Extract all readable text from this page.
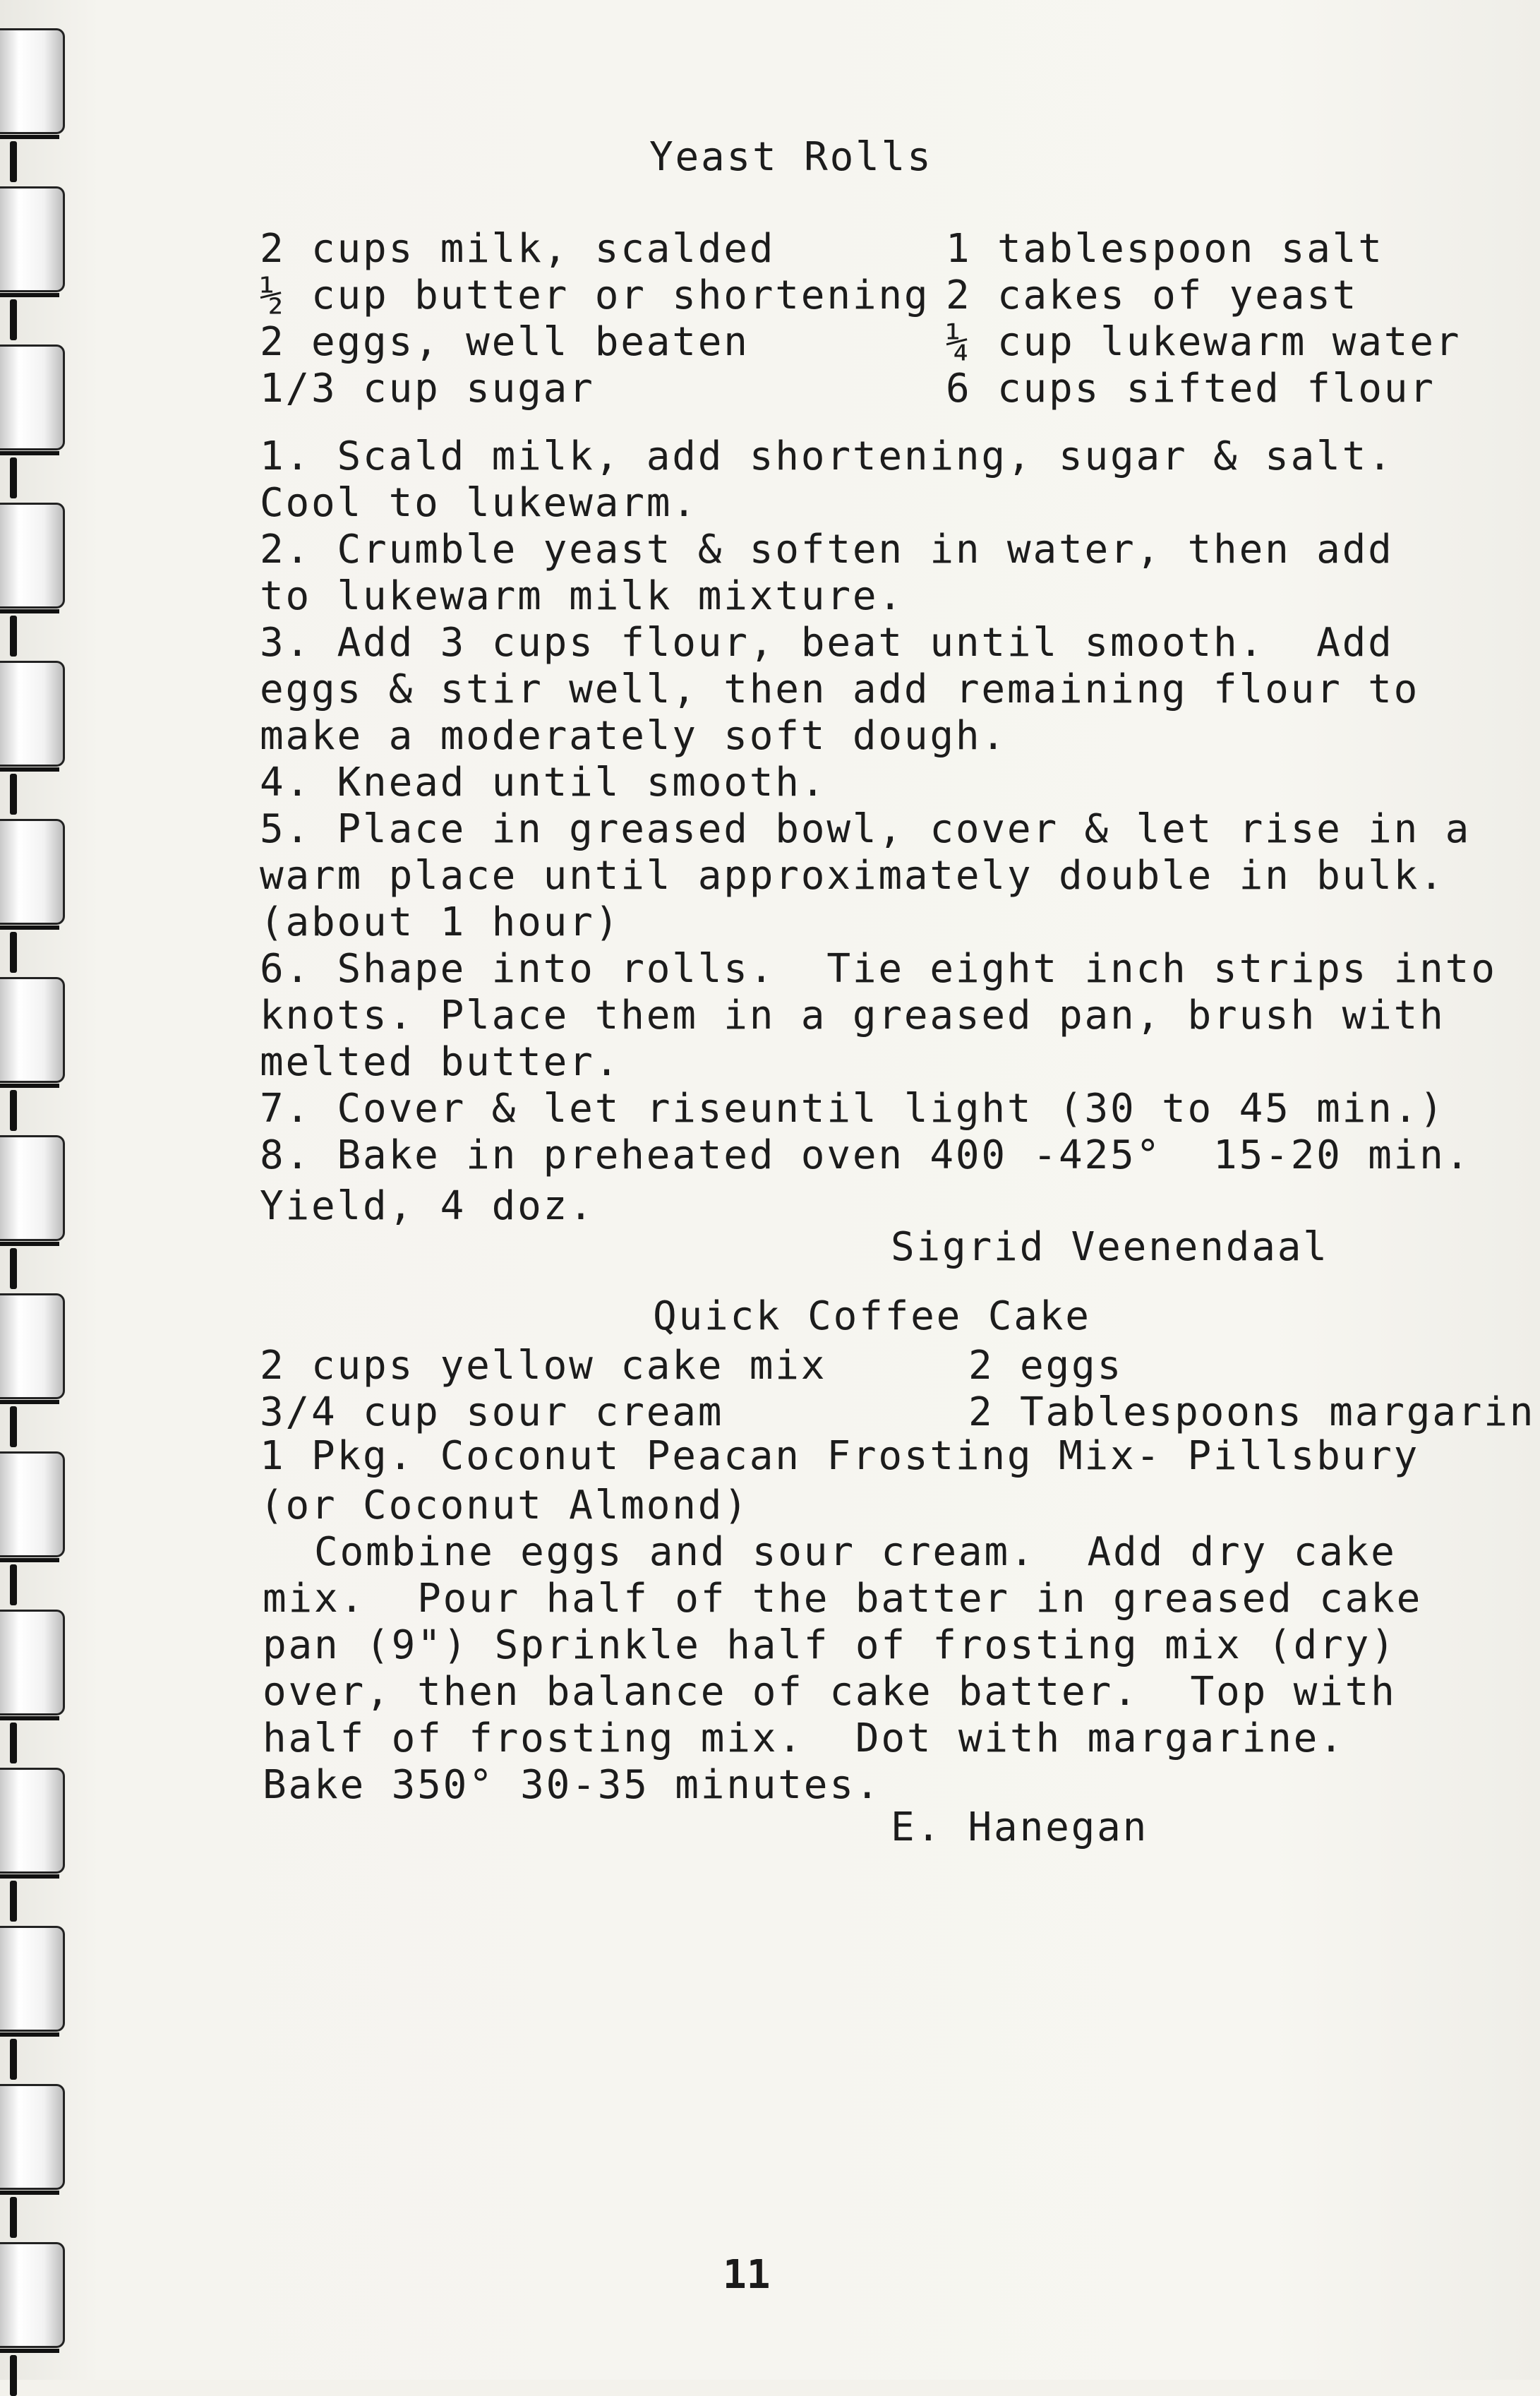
Yeast Rolls
2 cups milk, scalded
½ cup butter or shortening
2 eggs, well beaten
1/3 cup sugar
1 tablespoon salt
2 cakes of yeast
¼ cup lukewarm water
6 cups sifted flour
1. Scald milk, add shortening, sugar & salt.
Cool to lukewarm.
2. Crumble yeast & soften in water, then add
to lukewarm milk mixture.
3. Add 3 cups flour, beat until smooth.  Add
eggs & stir well, then add remaining flour to
make a moderately soft dough.
4. Knead until smooth.
5. Place in greased bowl, cover & let rise in a
warm place until approximately double in bulk.
(about 1 hour)
6. Shape into rolls.  Tie eight inch strips into
knots. Place them in a greased pan, brush with
melted butter.
7. Cover & let riseuntil light (30 to 45 min.)
8. Bake in preheated oven 400 -425°  15-20 min.
Yield, 4 doz.
Sigrid Veenendaal
Quick Coffee Cake
2 cups yellow cake mix
3/4 cup sour cream
2 eggs
2 Tablespoons margarin
1 Pkg. Coconut Peacan Frosting Mix- Pillsbury
(or Coconut Almond)
Combine eggs and sour cream.  Add dry cake
mix.  Pour half of the batter in greased cake
pan (9") Sprinkle half of frosting mix (dry)
over, then balance of cake batter.  Top with
half of frosting mix.  Dot with margarine.
Bake 350° 30-35 minutes.
E. Hanegan
11
